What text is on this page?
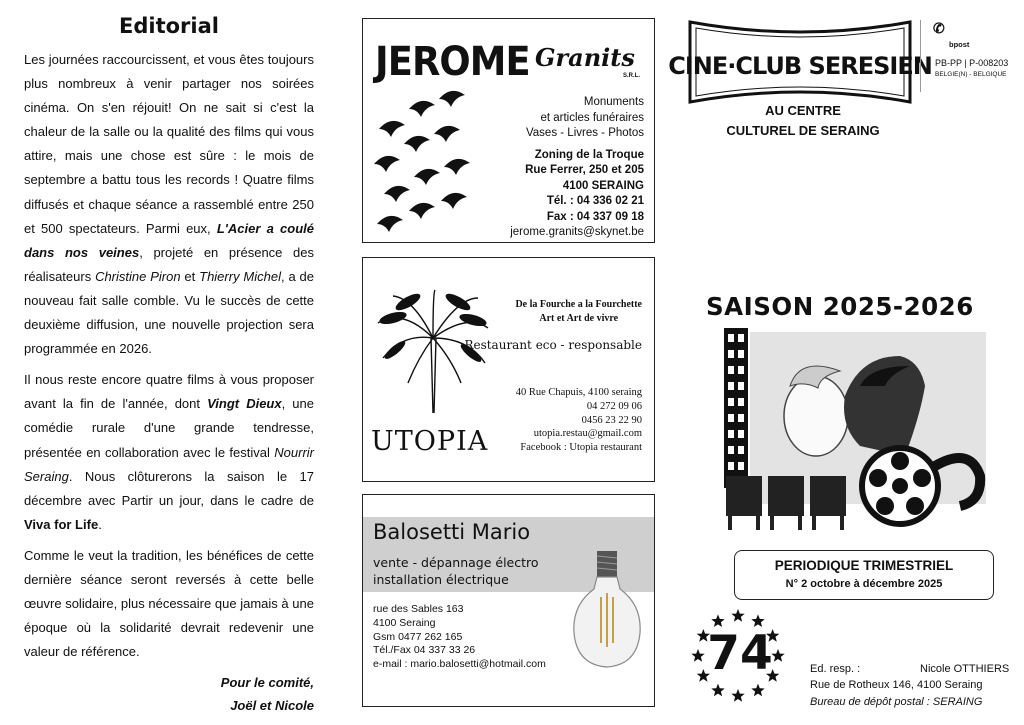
Editorial

Les journées raccourcissent, et vous êtes toujours plus nombreux à venir partager nos soirées cinéma. On s'en réjouit! On ne sait si c'est la chaleur de la salle ou la qualité des films qui vous attire, mais une chose est sûre : le mois de septembre a battu tous les records ! Quatre films diffusés et chaque séance a rassemblé entre 250 et 500 spectateurs. Parmi eux, L'Acier a coulé dans nos veines, projeté en présence des réalisateurs Christine Piron et Thierry Michel, a de nouveau fait salle comble. Vu le succès de cette deuxième diffusion, une nouvelle projection sera programmée en 2026.

Il nous reste encore quatre films à vous proposer avant la fin de l'année, dont Vingt Dieux, une comédie rurale d'une grande tendresse, présentée en collaboration avec le festival Nourrir Seraing. Nous clôturerons la saison le 17 décembre avec Partir un jour, dans le cadre de Viva for Life.

Comme le veut la tradition, les bénéfices de cette dernière séance seront reversés à cette belle œuvre solidaire, plus nécessaire que jamais à une époque où la solidarité devrait redevenir une valeur de référence.

Pour le comité,

Joël et Nicole

JEROME Granits
S.R.L.
Monuments
et articles funéraires
Vases - Livres - Photos
Zoning de la Troque
Rue Ferrer, 250 et 205
4100 SERAING
Tél. : 04 336 02 21
Fax : 04 337 09 18
jerome.granits@skynet.be
UTOPIA
De la Fourche a la Fourchette
Art et Art de vivre
Restaurant eco - responsable
40 Rue Chapuis, 4100 seraing
04 272 09 06
0456 23 22 90
utopia.restau@gmail.com
Facebook : Utopia restaurant
Balosetti Mario
vente - dépannage électro
installation électrique
rue des Sables 163
4100 Seraing
Gsm 0477 262 165
Tél./Fax 04 337 33 26
e-mail : mario.balosetti@hotmail.com
CINE·CLUB SERESIEN
AU CENTRE
CULTUREL DE SERAING
✆
bpost
PB-PP | P-008203
BELGIE(N) - BELGIQUE
SAISON 2025-2026
PERIODIQUE TRIMESTRIEL
N° 2 octobre à décembre 2025
74	Ed. resp. :	Nicole OTTHIERS
Rue de Rotheux 146, 4100 Seraing
Bureau de dépôt postal : SERAING
